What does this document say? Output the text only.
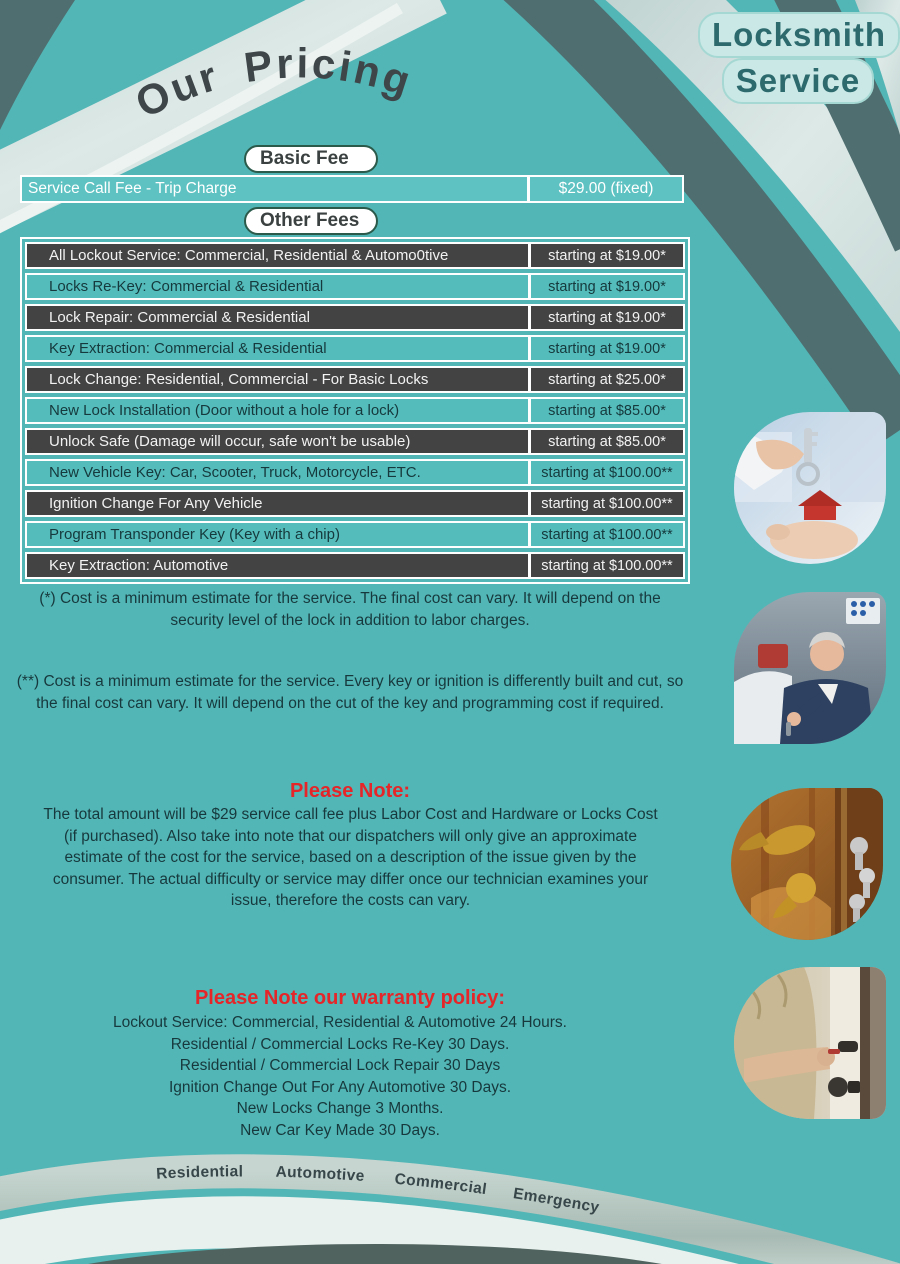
Our Pricing
Residential Automotive Commercial Emergency
Locksmith
Service
Basic Fee
Service Call Fee - Trip Charge	$29.00 (fixed)
Other Fees
All Lockout Service: Commercial, Residential & Automo0tive	starting at $19.00*
Locks Re-Key: Commercial & Residential	starting at $19.00*
Lock Repair: Commercial & Residential	starting at $19.00*
Key Extraction: Commercial & Residential	starting at $19.00*
Lock Change: Residential, Commercial - For Basic Locks	starting at $25.00*
New Lock Installation (Door without a hole for a lock)	starting at $85.00*
Unlock Safe (Damage will occur, safe won't be usable)	starting at $85.00*
New Vehicle Key: Car, Scooter, Truck, Motorcycle, ETC.	starting at $100.00**
Ignition Change For Any Vehicle	starting at $100.00**
Program Transponder Key (Key with a chip)	starting at $100.00**
Key Extraction: Automotive	starting at $100.00**
(*) Cost is a minimum estimate for the service. The final cost can vary. It will depend on the security level of the lock in addition to labor charges.
(**) Cost is a minimum estimate for the service. Every key or ignition is differently built and cut, so the final cost can vary. It will depend on the cut of the key and programming cost if required.
Please Note:
The total amount will be $29 service call fee plus Labor Cost and Hardware or Locks Cost (if purchased). Also take into note that our dispatchers will only give an approximate estimate of the cost for the service, based on a description of the issue given by the consumer. The actual difficulty or service may differ once our technician examines your issue, therefore the costs can vary.
Please Note our warranty policy:
Lockout Service: Commercial, Residential & Automotive 24 Hours.
Residential / Commercial Locks Re-Key 30 Days.
Residential / Commercial Lock Repair 30 Days
Ignition Change Out For Any Automotive 30 Days.
New Locks Change 3 Months.
New Car Key Made 30 Days.
